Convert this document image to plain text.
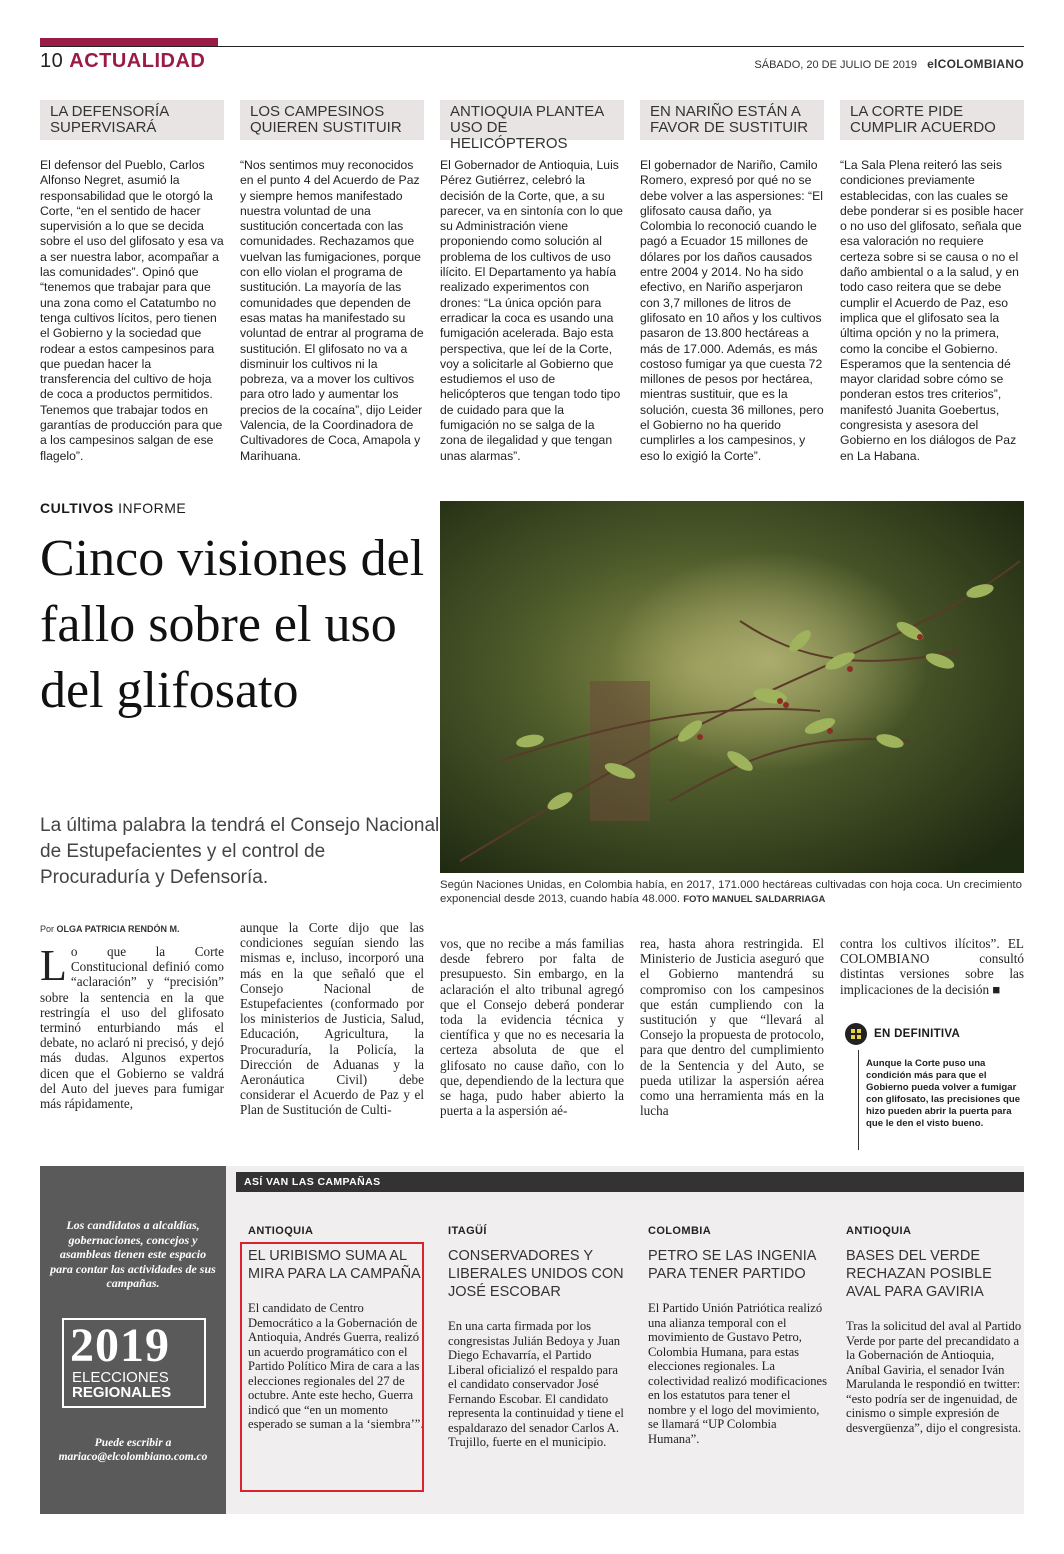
10 ACTUALIDAD	SÁBADO, 20 DE JULIO DE 2019 elCOLOMBIANO
LA DEFENSORÍA SUPERVISARÁ
El defensor del Pueblo, Carlos Alfonso Negret, asumió la responsabilidad que le otorgó la Corte, “en el sentido de hacer supervisión a lo que se decida sobre el uso del glifosato y esa va a ser nuestra labor, acompañar a las comunidades”. Opinó que “tenemos que trabajar para que una zona como el Catatumbo no tenga cultivos lícitos, pero tienen el Gobierno y la sociedad que rodear a estos campesinos para que puedan hacer la transferencia del cultivo de hoja de coca a productos permitidos. Tenemos que trabajar todos en garantías de producción para que a los campesinos salgan de ese flagelo”.
LOS CAMPESINOS QUIEREN SUSTITUIR
“Nos sentimos muy reconocidos en el punto 4 del Acuerdo de Paz y siempre hemos manifestado nuestra voluntad de una sustitución concertada con las comunidades. Rechazamos que vuelvan las fumigaciones, porque con ello violan el programa de sustitución. La mayoría de las comunidades que dependen de esas matas ha manifestado su voluntad de entrar al programa de sustitución. El glifosato no va a disminuir los cultivos ni la pobreza, va a mover los cultivos para otro lado y aumentar los precios de la cocaína”, dijo Leider Valencia, de la Coordinadora de Cultivadores de Coca, Amapola y Marihuana.
ANTIOQUIA PLANTEA USO DE HELICÓPTEROS
El Gobernador de Antioquia, Luis Pérez Gutiérrez, celebró la decisión de la Corte, que, a su parecer, va en sintonía con lo que su Administración viene proponiendo como solución al problema de los cultivos de uso ilícito. El Departamento ya había realizado experimentos con drones: “La única opción para erradicar la coca es usando una fumigación acelerada. Bajo esta perspectiva, que leí de la Corte, voy a solicitarle al Gobierno que estudiemos el uso de helicópteros que tengan todo tipo de cuidado para que la fumigación no se salga de la zona de ilegalidad y que tengan unas alarmas”.
EN NARIÑO ESTÁN A FAVOR DE SUSTITUIR
El gobernador de Nariño, Camilo Romero, expresó por qué no se debe volver a las aspersiones: “El glifosato causa daño, ya Colombia lo reconoció cuando le pagó a Ecuador 15 millones de dólares por los daños causados entre 2004 y 2014. No ha sido efectivo, en Nariño asperjaron con 3,7 millones de litros de glifosato en 10 años y los cultivos pasaron de 13.800 hectáreas a más de 17.000. Además, es más costoso fumigar ya que cuesta 72 millones de pesos por hectárea, mientras sustituir, que es la solución, cuesta 36 millones, pero el Gobierno no ha querido cumplirles a los campesinos, y eso lo exigió la Corte”.
LA CORTE PIDE CUMPLIR ACUERDO
“La Sala Plena reiteró las seis condiciones previamente establecidas, con las cuales se debe ponderar si es posible hacer o no uso del glifosato, señala que esa valoración no requiere certeza sobre si se causa o no el daño ambiental o a la salud, y en todo caso reitera que se debe cumplir el Acuerdo de Paz, eso implica que el glifosato sea la última opción y no la primera, como la concibe el Gobierno. Esperamos que la sentencia dé mayor claridad sobre cómo se ponderan estos tres criterios”, manifestó Juanita Goebertus, congresista y asesora del Gobierno en los diálogos de Paz en La Habana.
CULTIVOS INFORME
Cinco visiones del fallo sobre el uso del glifosato
La última palabra la tendrá el Consejo Nacional de Estupefacientes y el control de Procuraduría y Defensoría.	Según Naciones Unidas, en Colombia había, en 2017, 171.000 hectáreas cultivadas con hoja coca. Un crecimiento exponencial desde 2013, cuando había 48.000. FOTO MANUEL SALDARRIAGA
Por OLGA PATRICIA RENDÓN M.
Lo que la Corte Constitucional definió como “aclaración” y “precisión” sobre la sentencia en la que restringía el uso del glifosato terminó enturbiando más el debate, no aclaró ni precisó, y dejó más dudas. Algunos expertos dicen que el Gobierno se valdrá del Auto del jueves para fumigar más rápidamente,
aunque la Corte dijo que las condiciones seguían siendo las mismas e, incluso, incorporó una más en la que señaló que el Consejo Nacional de Estupefacientes (conformado por los ministerios de Justicia, Salud, Educación, Agricultura, la Procuraduría, la Policía, la Dirección de Aduanas y la Aeronáutica Civil) debe considerar el Acuerdo de Paz y el Plan de Sustitución de Culti-
vos, que no recibe a más familias desde febrero por falta de presupuesto. Sin embargo, en la aclaración el alto tribunal agregó que el Consejo deberá ponderar toda la evidencia técnica y científica y que no es necesaria la certeza absoluta de que el glifosato no cause daño, con lo que, dependiendo de la lectura que se haga, pudo haber abierto la puerta a la aspersión aé-
rea, hasta ahora restringida. El Ministerio de Justicia aseguró que el Gobierno mantendrá su compromiso con los campesinos que están cumpliendo con la sustitución y que “llevará al Consejo la propuesta de protocolo, para que dentro del cumplimiento de la Sentencia y del Auto, se pueda utilizar la aspersión aérea como una herramienta más en la lucha
contra los cultivos ilícitos”. EL COLOMBIANO consultó distintas versiones sobre las implicaciones de la decisión ■
EN DEFINITIVA
Aunque la Corte puso una condición más para que el Gobierno pueda volver a fumigar con glifosato, las precisiones que hizo pueden abrir la puerta para que le den el visto bueno.
Los candidatos a alcaldías, gobernaciones, concejos y asambleas tienen este espacio para contar las actividades de sus campañas.
2019
ELECCIONES
REGIONALES
Puede escribir a mariaco@elcolombiano.com.co
ASÍ VAN LAS CAMPAÑAS
ANTIOQUIA
EL URIBISMO SUMA AL MIRA PARA LA CAMPAÑA
El candidato de Centro Democrático a la Gobernación de Antioquia, Andrés Guerra, realizó un acuerdo programático con el Partido Político Mira de cara a las elecciones regionales del 27 de octubre. Ante este hecho, Guerra indicó que “en un momento esperado se suman a la ‘siembra’”.
ITAGÜÍ
CONSERVADORES Y LIBERALES UNIDOS CON JOSÉ ESCOBAR
En una carta firmada por los congresistas Julián Bedoya y Juan Diego Echavarría, el Partido Liberal oficializó el respaldo para el candidato conservador José Fernando Escobar. El candidato representa la continuidad y tiene el espaldarazo del senador Carlos A. Trujillo, fuerte en el municipio.
COLOMBIA
PETRO SE LAS INGENIA PARA TENER PARTIDO
El Partido Unión Patriótica realizó una alianza temporal con el movimiento de Gustavo Petro, Colombia Humana, para estas elecciones regionales. La colectividad realizó modificaciones en los estatutos para tener el nombre y el logo del movimiento, se llamará “UP Colombia Humana”.
ANTIOQUIA
BASES DEL VERDE RECHAZAN POSIBLE AVAL PARA GAVIRIA
Tras la solicitud del aval al Partido Verde por parte del precandidato a la Gobernación de Antioquia, Aníbal Gaviria, el senador Iván Marulanda le respondió en twitter: “esto podría ser de ingenuidad, de cinismo o simple expresión de desvergüenza”, dijo el congresista.
